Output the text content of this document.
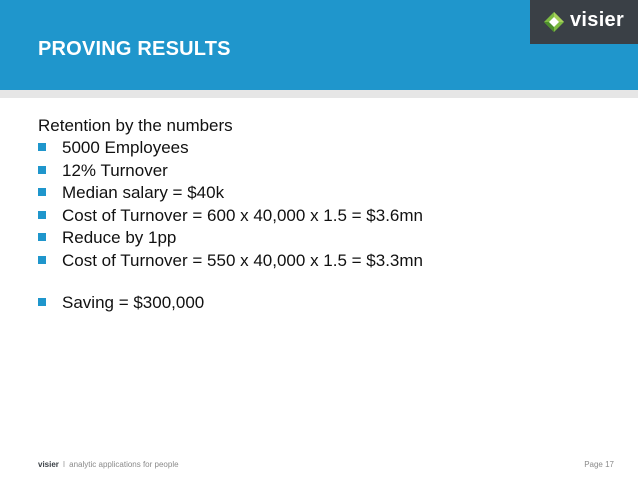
PROVING RESULTS
visier
Retention by the numbers
5000 Employees
12% Turnover
Median salary = $40k
Cost of Turnover = 600 x 40,000 x 1.5 = $3.6mn
Reduce by 1pp
Cost of Turnover = 550 x 40,000 x 1.5 = $3.3mn
Saving = $300,000
visier I analytic applications for people	Page 17
